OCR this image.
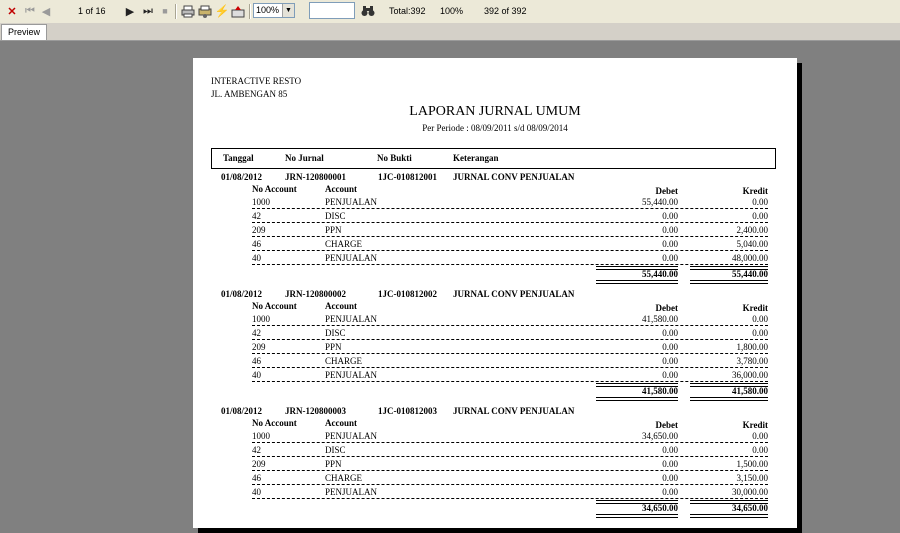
✕ ⏮ ◀	1 of 16	▶ ⏭	■	⚡	100% ▼	Total:392 100% 392 of 392
Preview
INTERACTIVE RESTO
JL. AMBENGAN 85
LAPORAN JURNAL UMUM
Per Periode : 08/09/2011 s/d 08/09/2014
Tanggal	No Jurnal	No Bukti	Keterangan
01/08/2012	JRN-120800001	1JC-010812001 JURNAL CONV PENJUALAN
No Account	Account	Debet	Kredit
1000	PENJUALAN	55,440.00	0.00
42	DISC	0.00	0.00
209	PPN	0.00	2,400.00
46	CHARGE	0.00	5,040.00
40	PENJUALAN	0.00	48,000.00
55,440.00	55,440.00
01/08/2012	JRN-120800002	1JC-010812002 JURNAL CONV PENJUALAN
No Account	Account	Debet	Kredit
1000	PENJUALAN	41,580.00	0.00
42	DISC	0.00	0.00
209	PPN	0.00	1,800.00
46	CHARGE	0.00	3,780.00
40	PENJUALAN	0.00	36,000.00
41,580.00	41,580.00
01/08/2012	JRN-120800003	1JC-010812003 JURNAL CONV PENJUALAN
No Account	Account	Debet	Kredit
1000	PENJUALAN	34,650.00	0.00
42	DISC	0.00	0.00
209	PPN	0.00	1,500.00
46	CHARGE	0.00	3,150.00
40	PENJUALAN	0.00	30,000.00
34,650.00	34,650.00
